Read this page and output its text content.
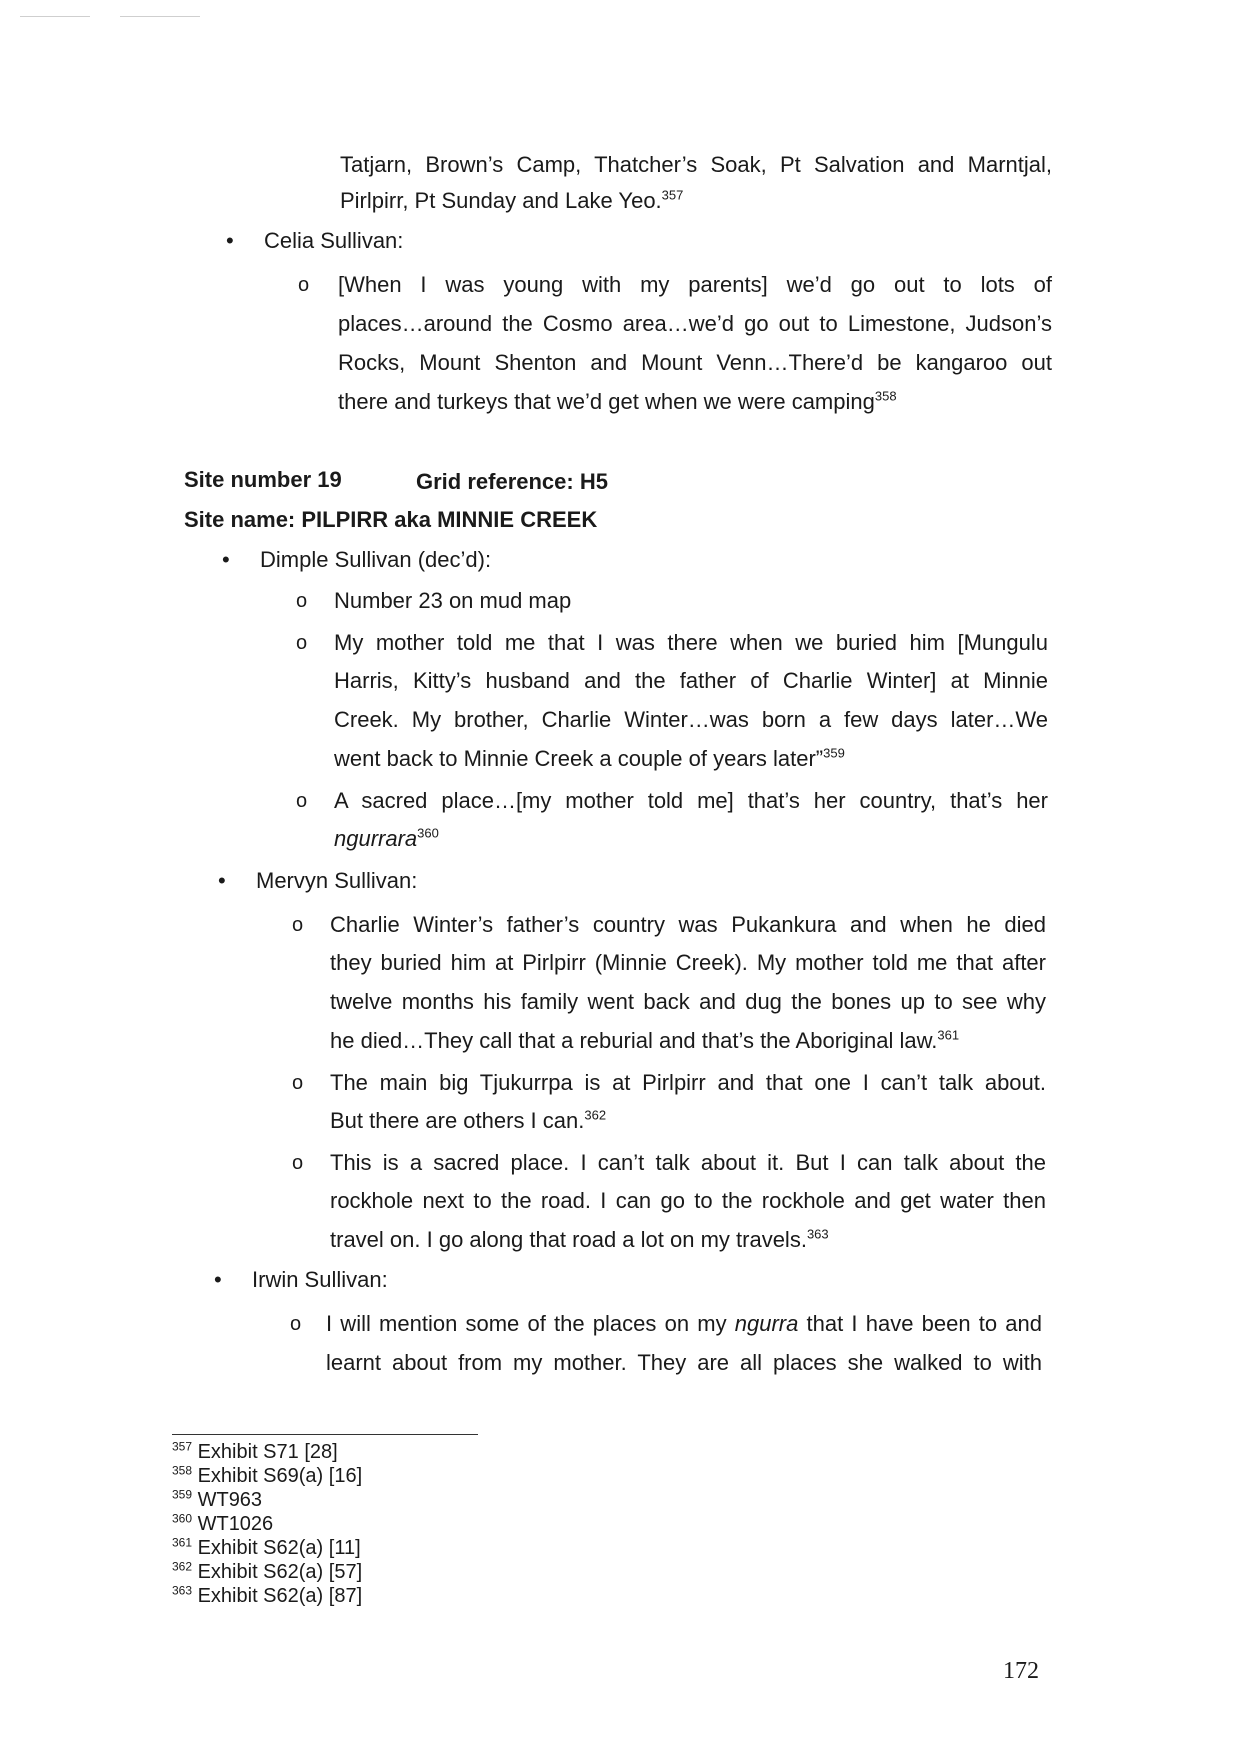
Tatjarn, Brown’s Camp, Thatcher’s Soak, Pt Salvation and Marntjal,
Pirlpirr, Pt Sunday and Lake Yeo.$^{357}$
• Celia Sullivan:
o [When I was young with my parents] we’d go out to lots of
places…around the Cosmo area…we’d go out to Limestone, Judson’s
Rocks, Mount Shenton and Mount Venn…There’d be kangaroo out
there and turkeys that we’d get when we were camping$^{358}$
Site number 19	Grid reference: H5
Site name: PILPIRR aka MINNIE CREEK
• Dimple Sullivan (dec’d):
o Number 23 on mud map
o My mother told me that I was there when we buried him [Mungulu
Harris, Kitty’s husband and the father of Charlie Winter] at Minnie
Creek. My brother, Charlie Winter…was born a few days later…We
went back to Minnie Creek a couple of years later”$^{359}$
o A sacred place…[my mother told me] that’s her country, that’s her
ngurrara$^{360}$
• Mervyn Sullivan:
o Charlie Winter’s father’s country was Pukankura and when he died
they buried him at Pirlpirr (Minnie Creek). My mother told me that after
twelve months his family went back and dug the bones up to see why
he died…They call that a reburial and that’s the Aboriginal law.$^{361}$
o The main big Tjukurrpa is at Pirlpirr and that one I can’t talk about.
But there are others I can.$^{362}$
o This is a sacred place. I can’t talk about it. But I can talk about the
rockhole next to the road. I can go to the rockhole and get water then
travel on. I go along that road a lot on my travels.$^{363}$
• Irwin Sullivan:
o I will mention some of the places on my ngurra that I have been to and
learnt about from my mother. They are all places she walked to with
$^{357}$ Exhibit S71 [28]
$^{358}$ Exhibit S69(a) [16]
$^{359}$ WT963
$^{360}$ WT1026
$^{361}$ Exhibit S62(a) [11]
$^{362}$ Exhibit S62(a) [57]
$^{363}$ Exhibit S62(a) [87]
172
